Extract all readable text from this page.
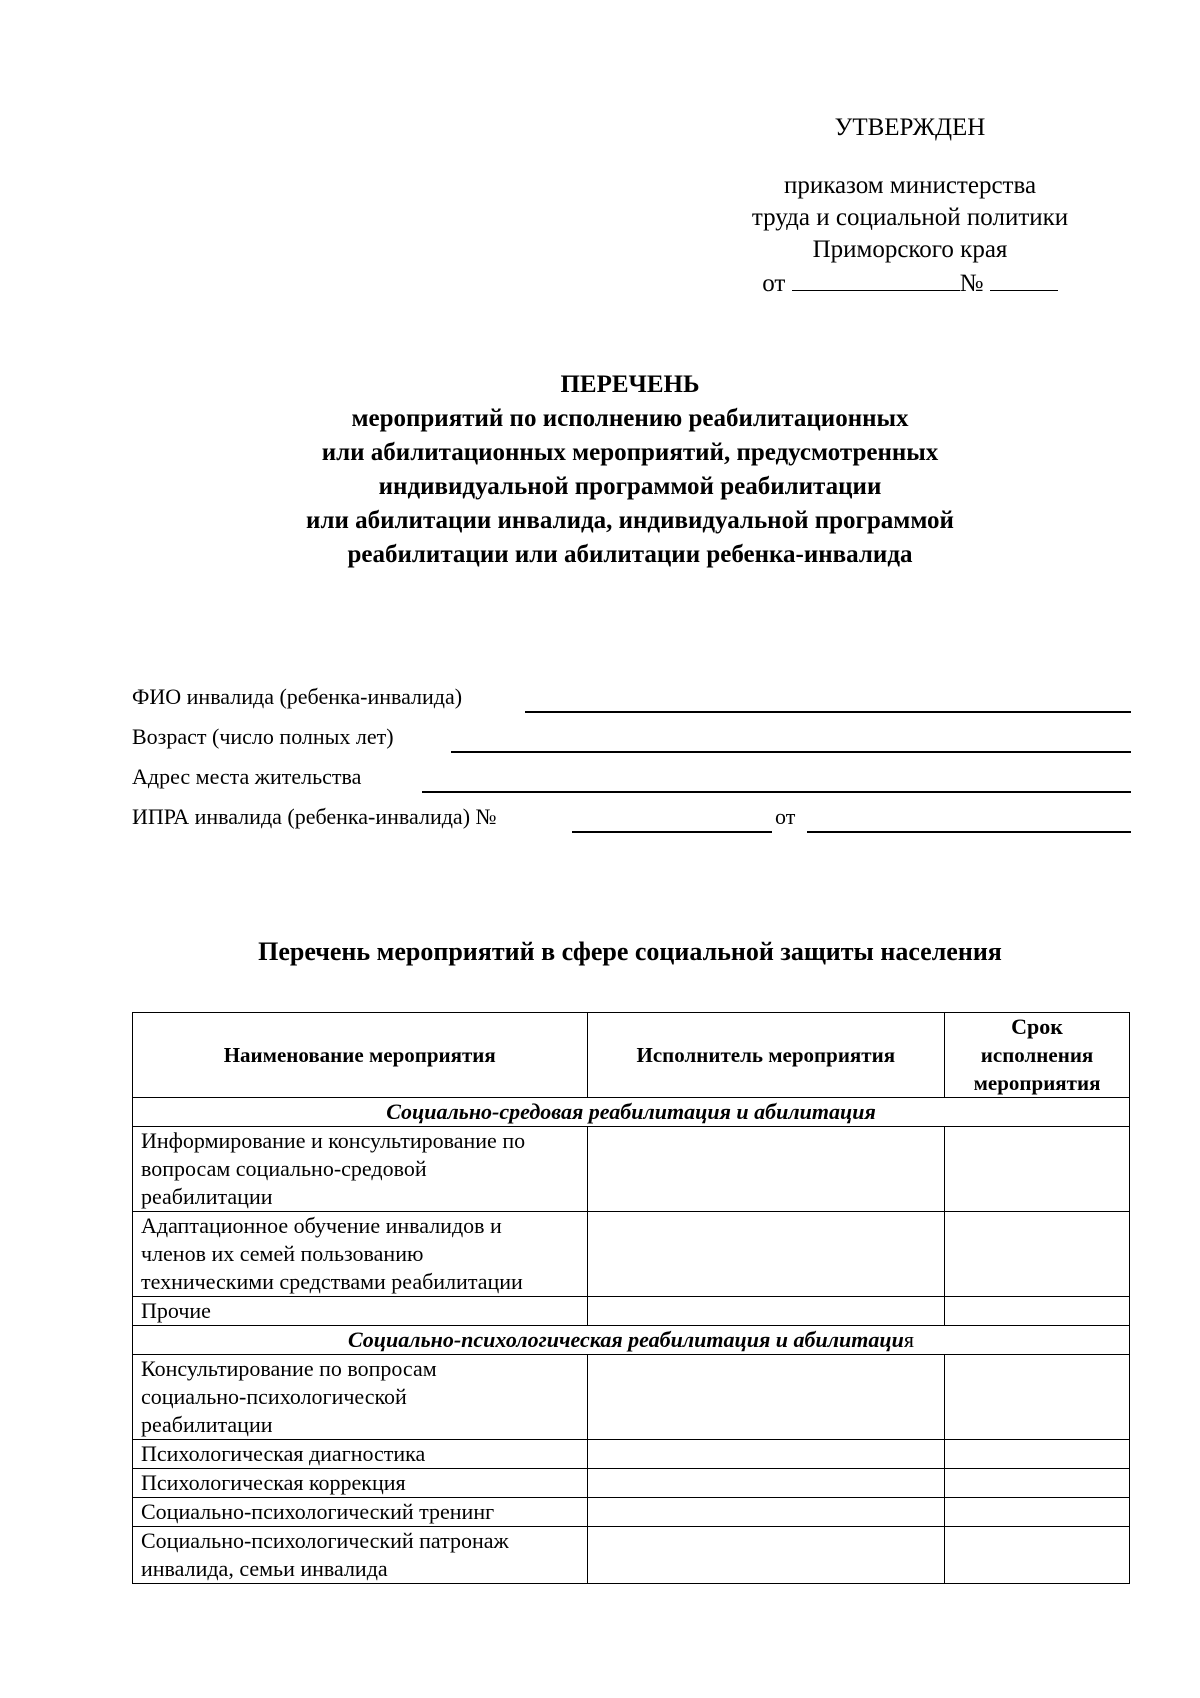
УТВЕРЖДЕН
приказом министерства
труда и социальной политики
Приморского края
от	№
ПЕРЕЧЕНЬ
мероприятий по исполнению реабилитационных
или абилитационных мероприятий, предусмотренных
индивидуальной программой реабилитации
или абилитации инвалида, индивидуальной программой
реабилитации или абилитации ребенка-инвалида
ФИО инвалида (ребенка-инвалида)
Возраст (число полных лет)
Адрес места жительства
ИПРА инвалида (ребенка-инвалида) №	от
Перечень мероприятий в сфере социальной защиты населения
Наименование мероприятия	Исполнитель мероприятия	Срок
исполнения
мероприятия

Социально-средовая реабилитация и абилитация		

Информирование и консультирование по
вопросам социально-средовой
реабилитации		

Адаптационное обучение инвалидов и
членов их семей пользованию
техническими средствами реабилитации		

Прочие		

Социально-психологическая реабилитация и абилитация		

Консультирование по вопросам
социально-психологической
реабилитации		

Психологическая диагностика		

Психологическая коррекция		

Социально-психологический тренинг		

Социально-психологический патронаж
инвалида, семьи инвалида		
